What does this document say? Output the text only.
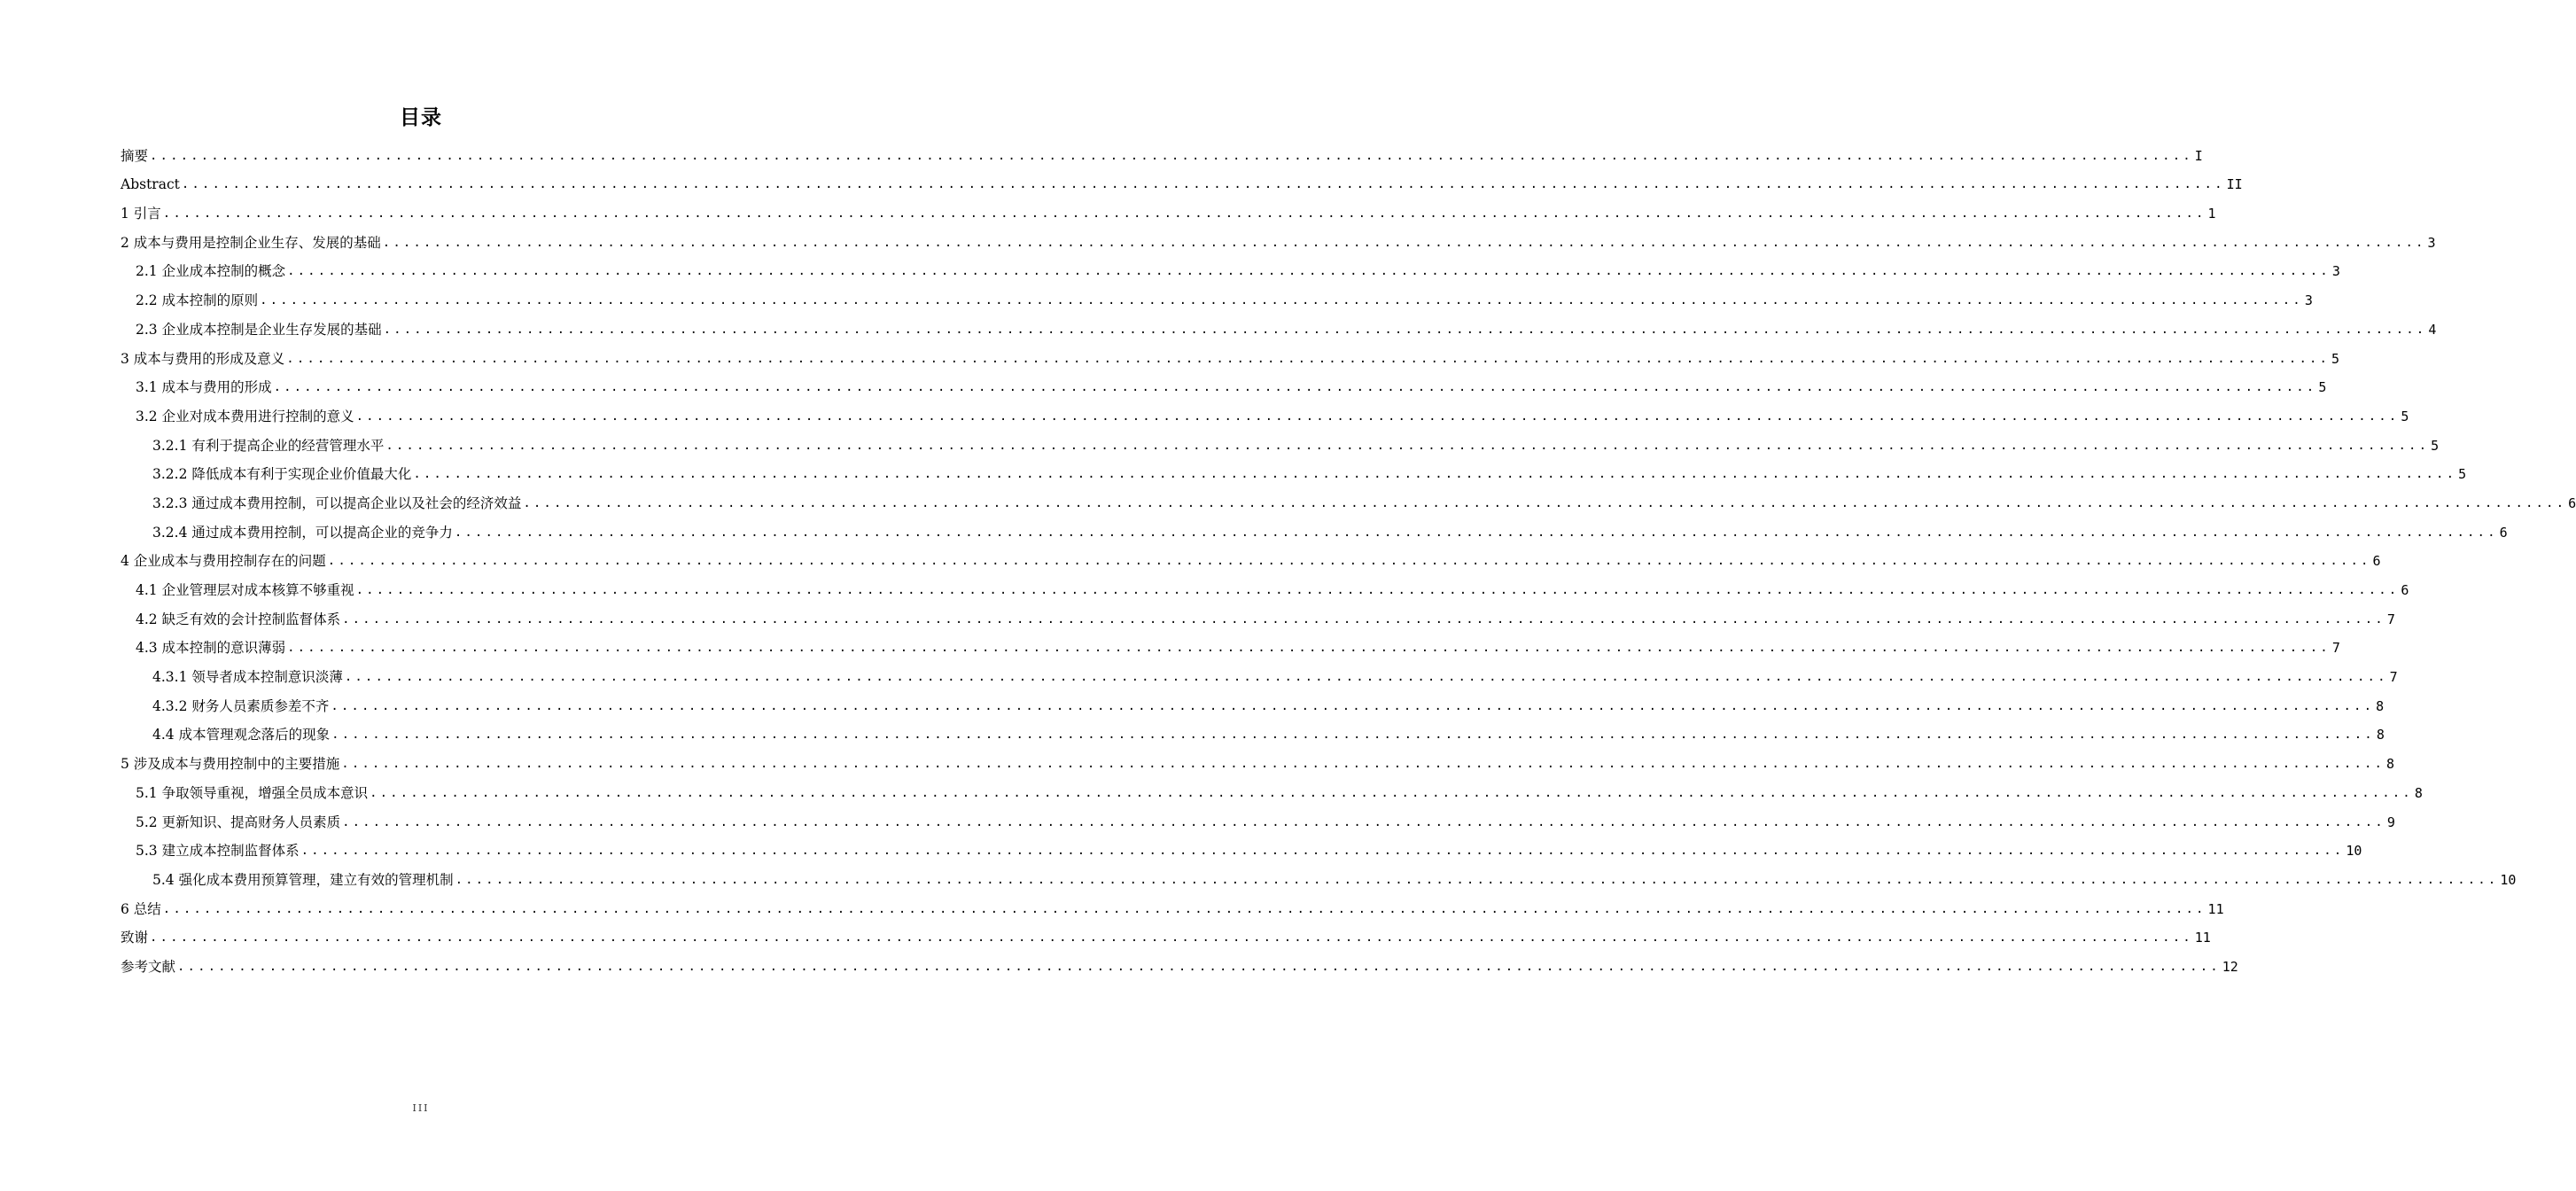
目录
摘要 ........................................................................................................................................................................................................ I
Abstract ........................................................................................................................................................................................................ II
1 引言 ........................................................................................................................................................................................................ 1
2 成本与费用是控制企业生存、发展的基础 ........................................................................................................................................................................................................ 3
2.1 企业成本控制的概念 ........................................................................................................................................................................................................ 3
2.2 成本控制的原则 ........................................................................................................................................................................................................ 3
2.3 企业成本控制是企业生存发展的基础 ........................................................................................................................................................................................................ 4
3 成本与费用的形成及意义 ........................................................................................................................................................................................................ 5
3.1 成本与费用的形成 ........................................................................................................................................................................................................ 5
3.2 企业对成本费用进行控制的意义 ........................................................................................................................................................................................................ 5
3.2.1 有利于提高企业的经营管理水平 ........................................................................................................................................................................................................ 5
3.2.2 降低成本有利于实现企业价值最大化 ........................................................................................................................................................................................................ 5
3.2.3 通过成本费用控制，可以提高企业以及社会的经济效益 ........................................................................................................................................................................................................ 6
3.2.4 通过成本费用控制，可以提高企业的竞争力 ........................................................................................................................................................................................................ 6
4 企业成本与费用控制存在的问题 ........................................................................................................................................................................................................ 6
4.1 企业管理层对成本核算不够重视 ........................................................................................................................................................................................................ 6
4.2 缺乏有效的会计控制监督体系 ........................................................................................................................................................................................................ 7
4.3 成本控制的意识薄弱 ........................................................................................................................................................................................................ 7
4.3.1 领导者成本控制意识淡薄 ........................................................................................................................................................................................................ 7
4.3.2 财务人员素质参差不齐 ........................................................................................................................................................................................................ 8
4.4 成本管理观念落后的现象 ........................................................................................................................................................................................................ 8
5 涉及成本与费用控制中的主要措施 ........................................................................................................................................................................................................ 8
5.1 争取领导重视，增强全员成本意识 ........................................................................................................................................................................................................ 8
5.2 更新知识、提高财务人员素质 ........................................................................................................................................................................................................ 9
5.3 建立成本控制监督体系 ........................................................................................................................................................................................................ 10
5.4 强化成本费用预算管理，建立有效的管理机制 ........................................................................................................................................................................................................ 10
6 总结 ........................................................................................................................................................................................................ 11
致谢 ........................................................................................................................................................................................................ 11
参考文献 ........................................................................................................................................................................................................ 12
III
